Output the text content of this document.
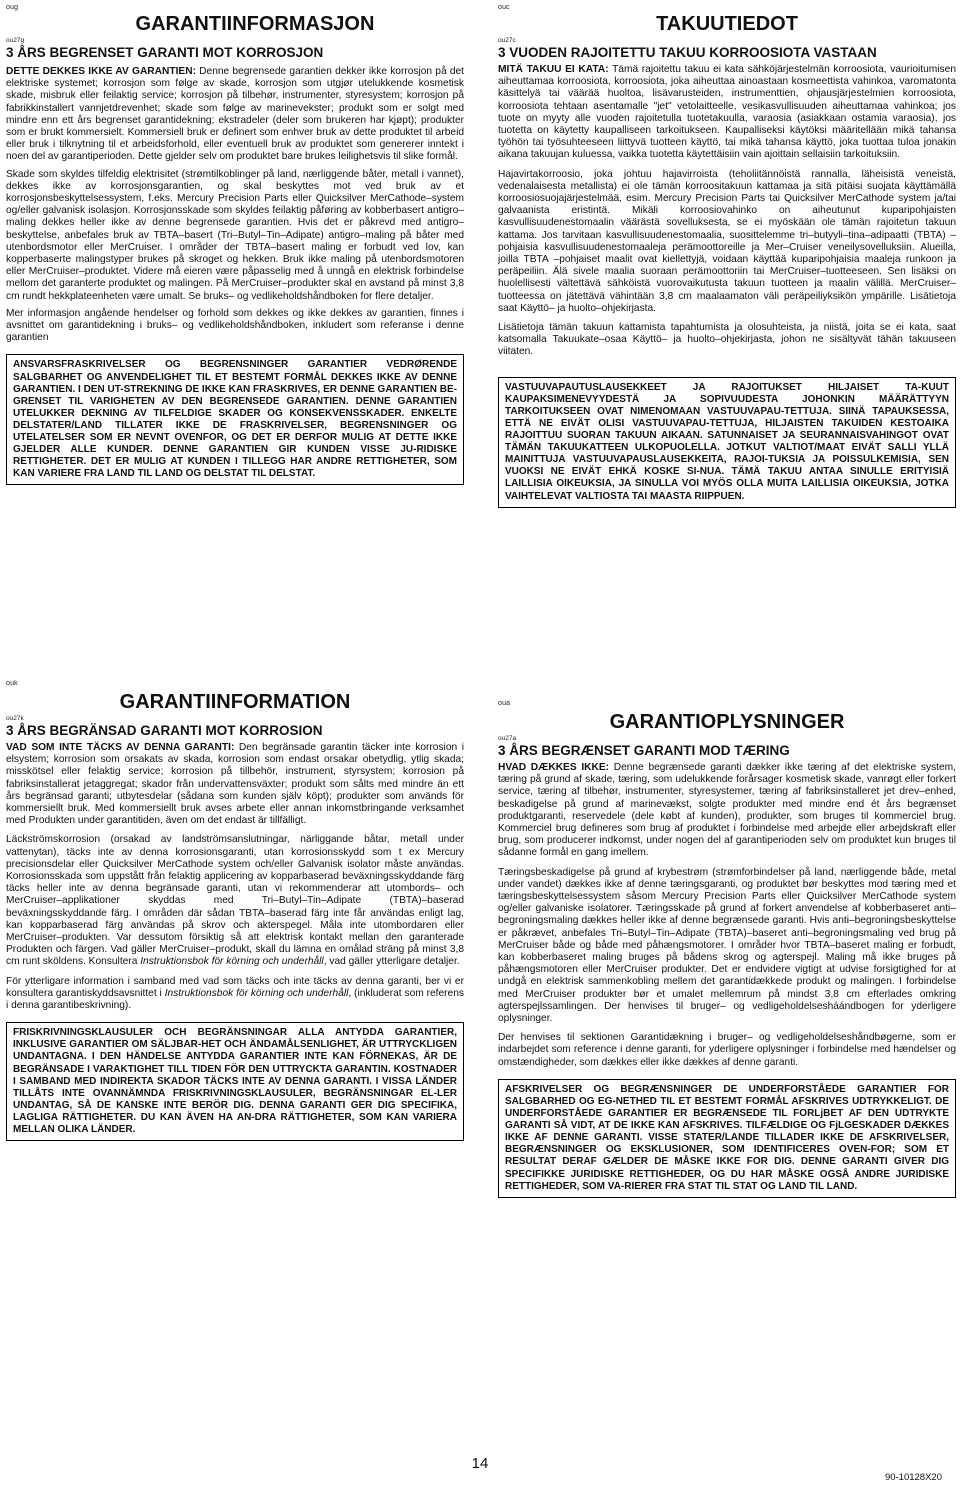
oug
GARANTIINFORMASJON
ou27g
3 ÅRS BEGRENSET GARANTI MOT KORROSJON

DETTE DEKKES IKKE AV GARANTIEN: Denne begrensede garantien dekker ikke korrosjon på det elektriske systemet; korrosjon som følge av skade, korrosjon som utgjør utelukkende kosmetisk skade, misbruk eller feilaktig service; korrosjon på tilbehør, instrumenter, styresystem; korrosjon på fabrikkinstallert vannjetdrevenhet; skade som følge av marinevekster; produkt som er solgt med mindre enn ett års begrenset garantidekning; ekstradeler (deler som brukeren har kjøpt); produkter som er brukt kommersielt. Kommersiell bruk er definert som enhver bruk av dette produktet til arbeid eller bruk i tilknytning til et arbeidsforhold, eller eventuell bruk av produktet som genererer inntekt i noen del av garantiperioden. Dette gjelder selv om produktet bare brukes leilighetsvis til slike formål.

Skade som skyldes tilfeldig elektrisitet (strømtilkoblinger på land, nærliggende båter, metall i vannet), dekkes ikke av korrosjonsgarantien, og skal beskyttes mot ved bruk av et korrosjonsbeskyttelsessystem, f.eks. Mercury Precision Parts eller Quicksilver MerCathode–system og/eller galvanisk isolasjon. Korrosjonsskade som skyldes feilaktig påføring av kobberbasert antigro–maling dekkes heller ikke av denne begrensede garantien. Hvis det er påkrevd med antigro–beskyttelse, anbefales bruk av TBTA–basert (Tri–Butyl–Tin–Adipate) antigro–maling på båter med utenbordsmotor eller MerCruiser. I områder der TBTA–basert maling er forbudt ved lov, kan kopperbaserte malingstyper brukes på skroget og hekken. Bruk ikke maling på utenbordsmotoren eller MerCruiser–produktet. Videre må eieren være påpasselig med å unngå en elektrisk forbindelse mellom det garanterte produktet og malingen. På MerCruiser–produkter skal en avstand på minst 3,8 cm rundt hekkplateenheten være umalt. Se bruks– og vedlikeholdshåndboken for flere detaljer.

Mer informasjon angående hendelser og forhold som dekkes og ikke dekkes av garantien, finnes i avsnittet om garantidekning i bruks– og vedlikeholdshåndboken, inkludert som referanse i denne garantien

ANSVARSFRASKRIVELSER OG BEGRENSNINGER GARANTIER VEDRØRENDE SALGBARHET OG ANVENDELIGHET TIL ET BESTEMT FORMÅL DEKKES IKKE AV DENNE GARANTIEN. I DEN UT-STREKNING DE IKKE KAN FRASKRIVES, ER DENNE GARANTIEN BE-GRENSET TIL VARIGHETEN AV DEN BEGRENSEDE GARANTIEN. DENNE GARANTIEN UTELUKKER DEKNING AV TILFELDIGE SKADER OG KONSEKVENSSKADER. ENKELTE DELSTATER/LAND TILLATER IKKE DE FRASKRIVELSER, BEGRENSNINGER OG UTELATELSER SOM ER NEVNT OVENFOR, OG DET ER DERFOR MULIG AT DETTE IKKE GJELDER ALLE KUNDER. DENNE GARANTIEN GIR KUNDEN VISSE JU-RIDISKE RETTIGHETER. DET ER MULIG AT KUNDEN I TILLEGG HAR ANDRE RETTIGHETER, SOM KAN VARIERE FRA LAND TIL LAND OG DELSTAT TIL DELSTAT.

ouc
TAKUUTIEDOT
ou27c
3 VUODEN RAJOITETTU TAKUU KORROOSIOTA VASTAAN

MITÄ TAKUU EI KATA: Tämä rajoitettu takuu ei kata sähköjärjestelmän korroosiota, vaurioitumisen aiheuttamaa korroosiota, korroosiota, joka aiheuttaa ainoastaan kosmeettista vahinkoa, varomatonta käsittelyä tai väärää huoltoa, lisävarusteiden, instrumenttien, ohjausjärjestelmien korroosiota, korroosiota tehtaan asentamalle "jet" vetolaitteelle, vesikasvullisuuden aiheuttamaa vahinkoa; jos tuote on myyty alle vuoden rajoitetulla tuotetakuulla, varaosia (asiakkaan ostamia varaosia), jos tuotetta on käytetty kaupalliseen tarkoitukseen. Kaupalliseksi käytöksi määritellään mikä tahansa työhön tai työsuhteeseen liittyvä tuotteen käyttö, tai mikä tahansa käyttö, joka tuottaa tuloa jonakin aikana takuujan kuluessa, vaikka tuotetta käytettäisiin vain ajoittain sellaisiin tarkoituksiin.

Hajavirtakorroosio, joka johtuu hajavirroista (teholiitännöistä rannalla, läheisistä veneistä, vedenalaisesta metallista) ei ole tämän korroositakuun kattamaa ja sitä pitäisi suojata käyttämällä korroosiosuojajärjestelmää, esim. Mercury Precision Parts tai Quicksilver MerCathode system ja/tai galvaanista eristintä. Mikäli korroosiovahinko on aiheutunut kuparipohjaisten kasvullisuudenestomaalin väärästä sovelluksesta, se ei myöskään ole tämän rajoitetun takuun kattama. Jos tarvitaan kasvullisuudenestomaalia, suosittelemme tri–butyyli–tina–adipaatti (TBTA) –pohjaisia kasvullisuudenestomaaleja perämoottoreille ja Mer–Cruiser veneilysovelluksiin. Alueilla, joilla TBTA –pohjaiset maalit ovat kiellettyjä, voidaan käyttää kuparipohjaisia maaleja runkoon ja peräpeiliin. Älä sivele maalia suoraan perämoottoriin tai MerCruiser–tuotteeseen. Sen lisäksi on huolellisesti vältettävä sähköistä vuorovaikutusta takuun tuotteen ja maalin välillä. MerCruiser–tuotteessa on jätettävä vähintään 3,8 cm maalaamaton väli peräpeiliyksikön ympärille. Lisätietoja saat Käyttö– ja huolto–ohjekirjasta.

Lisätietoja tämän takuun kattamista tapahtumista ja olosuhteista, ja niistä, joita se ei kata, saat katsomalla Takuukate–osaa Käyttö– ja huolto–ohjekirjasta, johon ne sisältyvät tähän takuuseen viitaten.

VASTUUVAPAUTUSLAUSEKKEET JA RAJOITUKSET HILJAISET TA-KUUT KAUPAKSIMENEVYYDESTÄ JA SOPIVUUDESTA JOHONKIN MÄÄRÄTTYYN TARKOITUKSEEN OVAT NIMENOMAAN VASTUUVAPAU-TETTUJA. SIINÄ TAPAUKSESSA, ETTÄ NE EIVÄT OLISI VASTUUVAPAU-TETTUJA, HILJAISTEN TAKUIDEN KESTOAIKA RAJOITTUU SUORAN TAKUUN AIKAAN. SATUNNAISET JA SEURANNAISVAHINGOT OVAT TÄMÄN TAKUUKATTEEN ULKOPUOLELLA. JOTKUT VALTIOT/MAAT EIVÄT SALLI YLLÄ MAINITTUJA VASTUUVAPAUSLAUSEKKEITA, RAJOI-TUKSIA JA POISSULKEMISIA, SEN VUOKSI NE EIVÄT EHKÄ KOSKE SI-NUA. TÄMÄ TAKUU ANTAA SINULLE ERITYISIÄ LAILLISIA OIKEUKSIA, JA SINULLA VOI MYÖS OLLA MUITA LAILLISIA OIKEUKSIA, JOTKA VAIHTELEVAT VALTIOSTA TAI MAASTA RIIPPUEN.

ouk
GARANTIINFORMATION
ou27k
3 ÅRS BEGRÄNSAD GARANTI MOT KORROSION

VAD SOM INTE TÄCKS AV DENNA GARANTI: Den begränsade garantin täcker inte korrosion i elsystem; korrosion som orsakats av skada, korrosion som endast orsakar obetydlig, ytlig skada; misskötsel eller felaktig service; korrosion på tillbehör, instrument, styrsystem; korrosion på fabriksinstallerat jetaggregat; skador från undervattensväxter; produkt som sålts med mindre än ett års begränsad garanti; utbytesdelar (sådana som kunden själv köpt); produkter som används för kommersiellt bruk. Med kommersiellt bruk avses arbete eller annan inkomstbringande verksamhet med Produkten under garantitiden, även om det endast är tillfälligt.

Läckströmskorrosion (orsakad av landströmsanslutningar, närliggande båtar, metall under vattenytan), täcks inte av denna korrosionsgaranti, utan korrosionsskydd som t ex Mercury precisionsdelar eller Quicksilver MerCathode system och/eller Galvanisk isolator måste användas. Korrosionsskada som uppstått från felaktig applicering av kopparbaserad beväxningsskyddande färg täcks heller inte av denna begränsade garanti, utan vi rekommenderar att utombords– och MerCruiser–applikationer skyddas med Tri–Butyl–Tin–Adipate (TBTA)–baserad beväxningsskyddande färg. I områden där sådan TBTA–baserad färg inte får användas enligt lag, kan kopparbaserad färg användas på skrov och akterspegel. Måla inte utombordaren eller MerCruiser–produkten. Var dessutom försiktig så att elektrisk kontakt mellan den garanterade Produkten och färgen. Vad gäller MerCruiser–produkt, skall du lämna en omålad sträng på minst 3,8 cm runt sköldens. Konsultera Instruktionsbok för körning och underhåll, vad gäller ytterligare detaljer.

För ytterligare information i samband med vad som täcks och inte täcks av denna garanti, ber vi er konsultera garantiskyddsavsnittet i Instruktionsbok för körning och underhåll, (inkluderat som referens i denna garantibeskrivning).

FRISKRIVNINGSKLAUSULER OCH BEGRÄNSNINGAR ALLA ANTYDDA GARANTIER, INKLUSIVE GARANTIER OM SÄLJBAR-HET OCH ÄNDAMÅLSENLIGHET, ÄR UTTRYCKLIGEN UNDANTAGNA. I DEN HÄNDELSE ANTYDDA GARANTIER INTE KAN FÖRNEKAS, ÄR DE BEGRÄNSADE I VARAKTIGHET TILL TIDEN FÖR DEN UTTRYCKTA GARANTIN. KOSTNADER I SAMBAND MED INDIREKTA SKADOR TÄCKS INTE AV DENNA GARANTI. I VISSA LÄNDER TILLÅTS INTE OVANNÄMNDA FRISKRIVNINGSKLAUSULER, BEGRÄNSNINGAR EL-LER UNDANTAG, SÅ DE KANSKE INTE BERÖR DIG. DENNA GARANTI GER DIG SPECIFIKA, LAGLIGA RÄTTIGHETER. DU KAN ÄVEN HA AN-DRA RÄTTIGHETER, SOM KAN VARIERA MELLAN OLIKA LÄNDER.

oua
GARANTIOPLYSNINGER
ou27a
3 ÅRS BEGRÆNSET GARANTI MOD TÆRING

HVAD DÆKKES IKKE: Denne begrænsede garanti dækker ikke tæring af det elektriske system, tæring på grund af skade, tæring, som udelukkende forårsager kosmetisk skade, vanrøgt eller forkert service, tæring af tilbehør, instrumenter, styresystemer, tæring af fabriksinstalleret jet drev–enhed, beskadigelse på grund af marinevækst, solgte produkter med mindre end ét års begrænset produktgaranti, reservedele (dele købt af kunden), produkter, som bruges til kommerciel brug. Kommerciel brug defineres som brug af produktet i forbindelse med arbejde eller arbejdskraft eller brug, som producerer indkomst, under nogen del af garantiperioden selv om produktet kun bruges til sådanne formål en gang imellem.

Tæringsbeskadigelse på grund af krybestrøm (strømforbindelser på land, nærliggende både, metal under vandet) dækkes ikke af denne tæringsgaranti, og produktet bør beskyttes mod tæring med et tæringsbeskyttelsessystem såsom Mercury Precision Parts eller Quicksilver MerCathode system og/eller galvaniske isolatorer. Tæringsskade på grund af forkert anvendelse af kobberbaseret anti–begroningsmaling dækkes heller ikke af denne begrænsede garanti. Hvis anti–begroningsbeskyttelse er påkrævet, anbefales Tri–Butyl–Tin–Adipate (TBTA)–baseret anti–begroningsmaling ved brug på MerCruiser både og både med påhængsmotorer. I områder hvor TBTA–baseret maling er forbudt, kan kobberbaseret maling bruges på bådens skrog og agterspejl. Maling må ikke bruges på påhængsmotoren eller MerCruiser produkter. Det er endvidere vigtigt at udvise forsigtighed for at undgå en elektrisk sammenkobling mellem det garantidækkede produkt og malingen. I forbindelse med MerCruiser produkter bør et umalet mellemrum på mindst 3,8 cm efterlades omkring agterspejlssamlingen. Der henvises til bruger– og vedligeholdelsesháándbogen for yderligere oplysninger.

Der henvises til sektionen Garantidækning i bruger– og vedligeholdelseshåndbøgerne, som er indarbejdet som reference i denne garanti, for yderligere oplysninger i forbindelse med hændelser og omstændigheder, som dækkes eller ikke dækkes af denne garanti.

AFSKRIVELSER OG BEGRÆNSNINGER DE UNDERFORSTÅEDE GARANTIER FOR SALGBARHED OG EG-NETHED TIL ET BESTEMT FORMÅL AFSKRIVES UDTRYKKELIGT. DE UNDERFORSTÅEDE GARANTIER ER BEGRÆNSEDE TIL FORLjBET AF DEN UDTRYKTE GARANTI SÅ VIDT, AT DE IKKE KAN AFSKRIVES. TILFÆLDIGE OG FjLGESKADER DÆKKES IKKE AF DENNE GARANTI. VISSE STATER/LANDE TILLADER IKKE DE AFSKRIVELSER, BEGRÆNSNINGER OG EKSKLUSIONER, SOM IDENTIFICERES OVEN-FOR; SOM ET RESULTAT DERAF GÆLDER DE MÅSKE IKKE FOR DIG. DENNE GARANTI GIVER DIG SPECIFIKKE JURIDISKE RETTIGHEDER, OG DU HAR MÅSKE OGSÅ ANDRE JURIDISKE RETTIGHEDER, SOM VA-RIERER FRA STAT TIL STAT OG LAND TIL LAND.

14
90-10128X20
